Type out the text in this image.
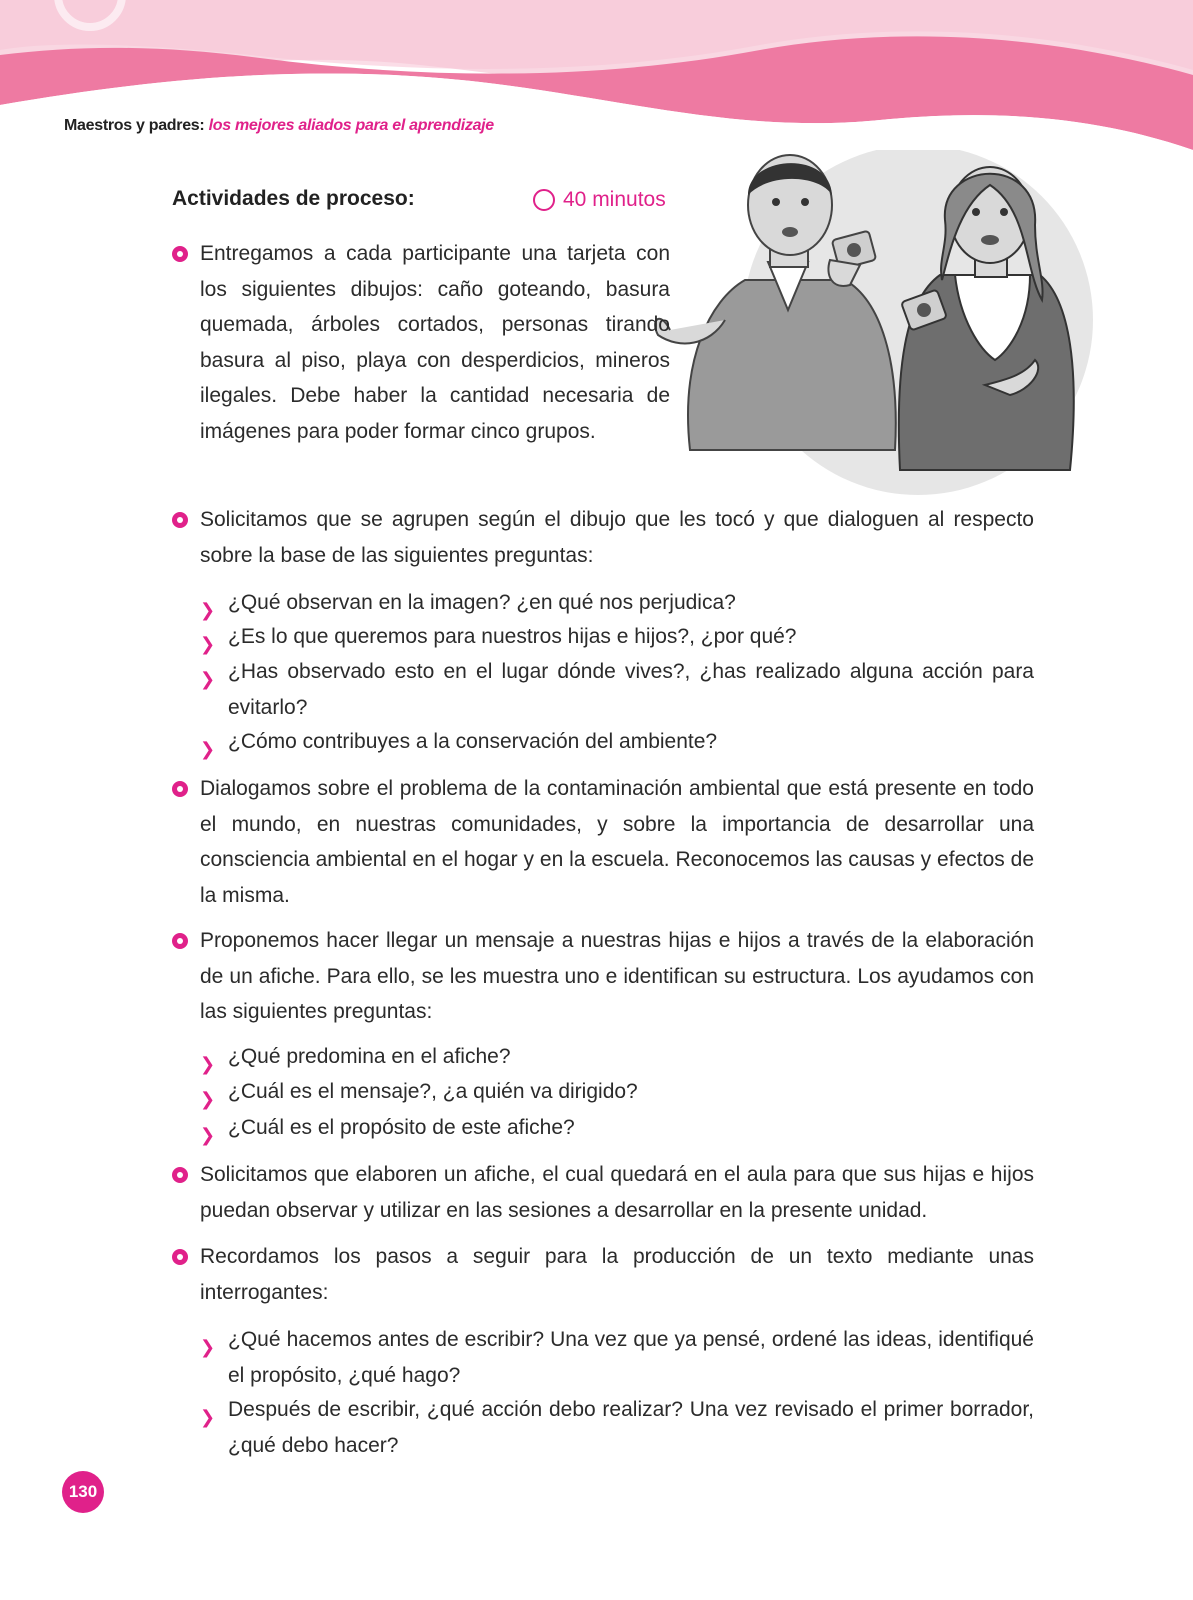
Maestros y padres: los mejores aliados para el aprendizaje
Actividades de proceso:	40 minutos
Entregamos a cada participante una tarjeta con los siguientes dibujos: caño goteando, basura quemada, árboles cortados, personas tirando basura al piso, playa con desperdicios, mineros ilegales. Debe haber la cantidad necesaria de imágenes para poder formar cinco grupos.
Solicitamos que se agrupen según el dibujo que les tocó y que dialoguen al respecto sobre la base de las siguientes preguntas:
❯ ¿Qué observan en la imagen? ¿en qué nos perjudica?
❯ ¿Es lo que queremos para nuestros hijas e hijos?, ¿por qué?
❯ ¿Has observado esto en el lugar dónde vives?, ¿has realizado alguna acción para evitarlo?
❯ ¿Cómo contribuyes a la conservación del ambiente?
Dialogamos sobre el problema de la contaminación ambiental que está presente en todo el mundo, en nuestras comunidades, y sobre la importancia de desarrollar una consciencia ambiental en el hogar y en la escuela. Reconocemos las causas y efectos de la misma.
Proponemos hacer llegar un mensaje a nuestras hijas e hijos a través de la elaboración de un afiche. Para ello, se les muestra uno e identifican su estructura. Los ayudamos con las siguientes preguntas:
❯ ¿Qué predomina en el afiche?
❯ ¿Cuál es el mensaje?, ¿a quién va dirigido?
❯ ¿Cuál es el propósito de este afiche?
Solicitamos que elaboren un afiche, el cual quedará en el aula para que sus hijas e hijos puedan observar y utilizar en las sesiones a desarrollar en la presente unidad.
Recordamos los pasos a seguir para la producción de un texto mediante unas interrogantes:
❯ ¿Qué hacemos antes de escribir? Una vez que ya pensé, ordené las ideas, identifiqué el propósito, ¿qué hago?
❯ Después de escribir, ¿qué acción debo realizar? Una vez revisado el primer borrador, ¿qué debo hacer?
130
